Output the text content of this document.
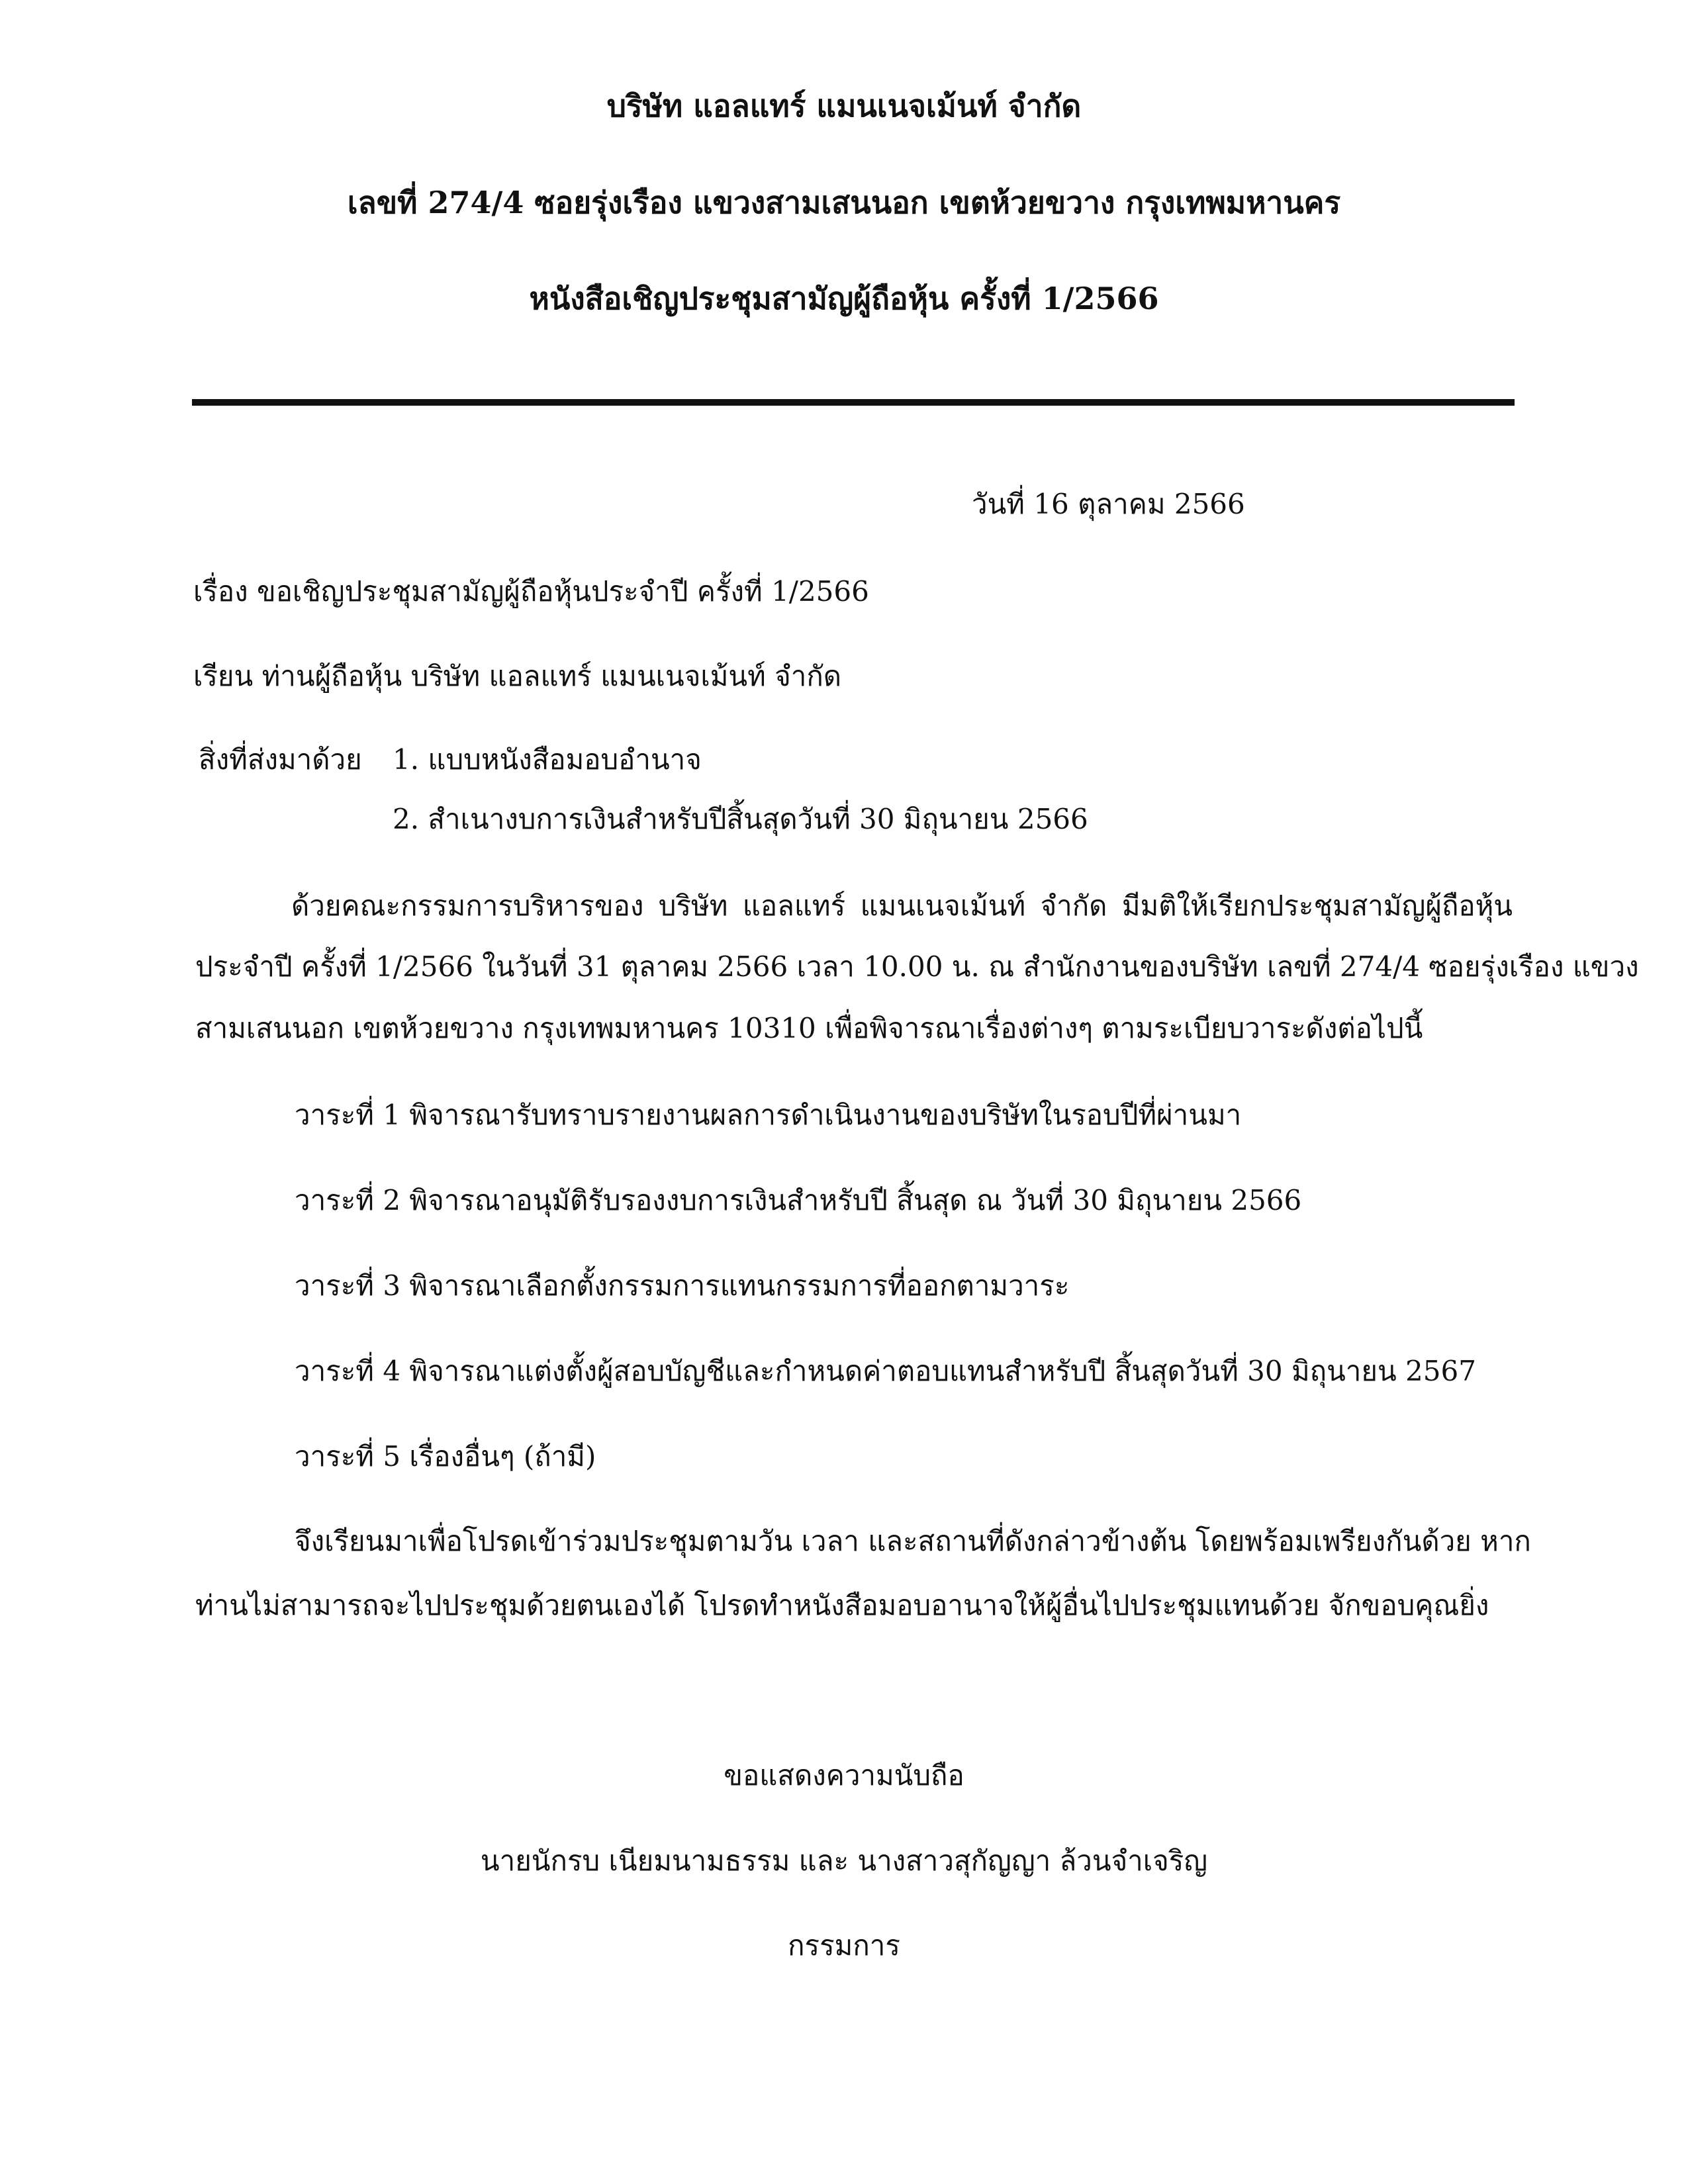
บริษัท แอลแทร์ แมนเนจเม้นท์ จำกัด
เลขที่ 274/4 ซอยรุ่งเรือง แขวงสามเสนนอก เขตห้วยขวาง กรุงเทพมหานคร
หนังสือเชิญประชุมสามัญผู้ถือหุ้น ครั้งที่ 1/2566
วันที่ 16 ตุลาคม 2566
เรื่อง ขอเชิญประชุมสามัญผู้ถือหุ้นประจำปี ครั้งที่ 1/2566
เรียน ท่านผู้ถือหุ้น บริษัท แอลแทร์ แมนเนจเม้นท์ จำกัด
สิ่งที่ส่งมาด้วย 1. แบบหนังสือมอบอำนาจ
2. สำเนางบการเงินสำหรับปีสิ้นสุดวันที่ 30 มิถุนายน 2566
ด้วยคณะกรรมการบริหารของ บริษัท แอลแทร์ แมนเนจเม้นท์ จำกัด มีมติให้เรียกประชุมสามัญผู้ถือหุ้น
ประจำปี ครั้งที่ 1/2566 ในวันที่ 31 ตุลาคม 2566 เวลา 10.00 น. ณ สำนักงานของบริษัท เลขที่ 274/4 ซอยรุ่งเรือง แขวง
สามเสนนอก เขตห้วยขวาง กรุงเทพมหานคร 10310 เพื่อพิจารณาเรื่องต่างๆ ตามระเบียบวาระดังต่อไปนี้
วาระที่ 1 พิจารณารับทราบรายงานผลการดำเนินงานของบริษัทในรอบปีที่ผ่านมา
วาระที่ 2 พิจารณาอนุมัติรับรองงบการเงินสำหรับปี สิ้นสุด ณ วันที่ 30 มิถุนายน 2566
วาระที่ 3 พิจารณาเลือกตั้งกรรมการแทนกรรมการที่ออกตามวาระ
วาระที่ 4 พิจารณาแต่งตั้งผู้สอบบัญชีและกำหนดค่าตอบแทนสำหรับปี สิ้นสุดวันที่ 30 มิถุนายน 2567
วาระที่ 5 เรื่องอื่นๆ (ถ้ามี)
จึงเรียนมาเพื่อโปรดเข้าร่วมประชุมตามวัน เวลา และสถานที่ดังกล่าวข้างต้น โดยพร้อมเพรียงกันด้วย หาก
ท่านไม่สามารถจะไปประชุมด้วยตนเองได้ โปรดทำหนังสือมอบอานาจให้ผู้อื่นไปประชุมแทนด้วย จักขอบคุณยิ่ง
ขอแสดงความนับถือ
นายนักรบ เนียมนามธรรม และ นางสาวสุกัญญา ล้วนจำเจริญ
กรรมการ
